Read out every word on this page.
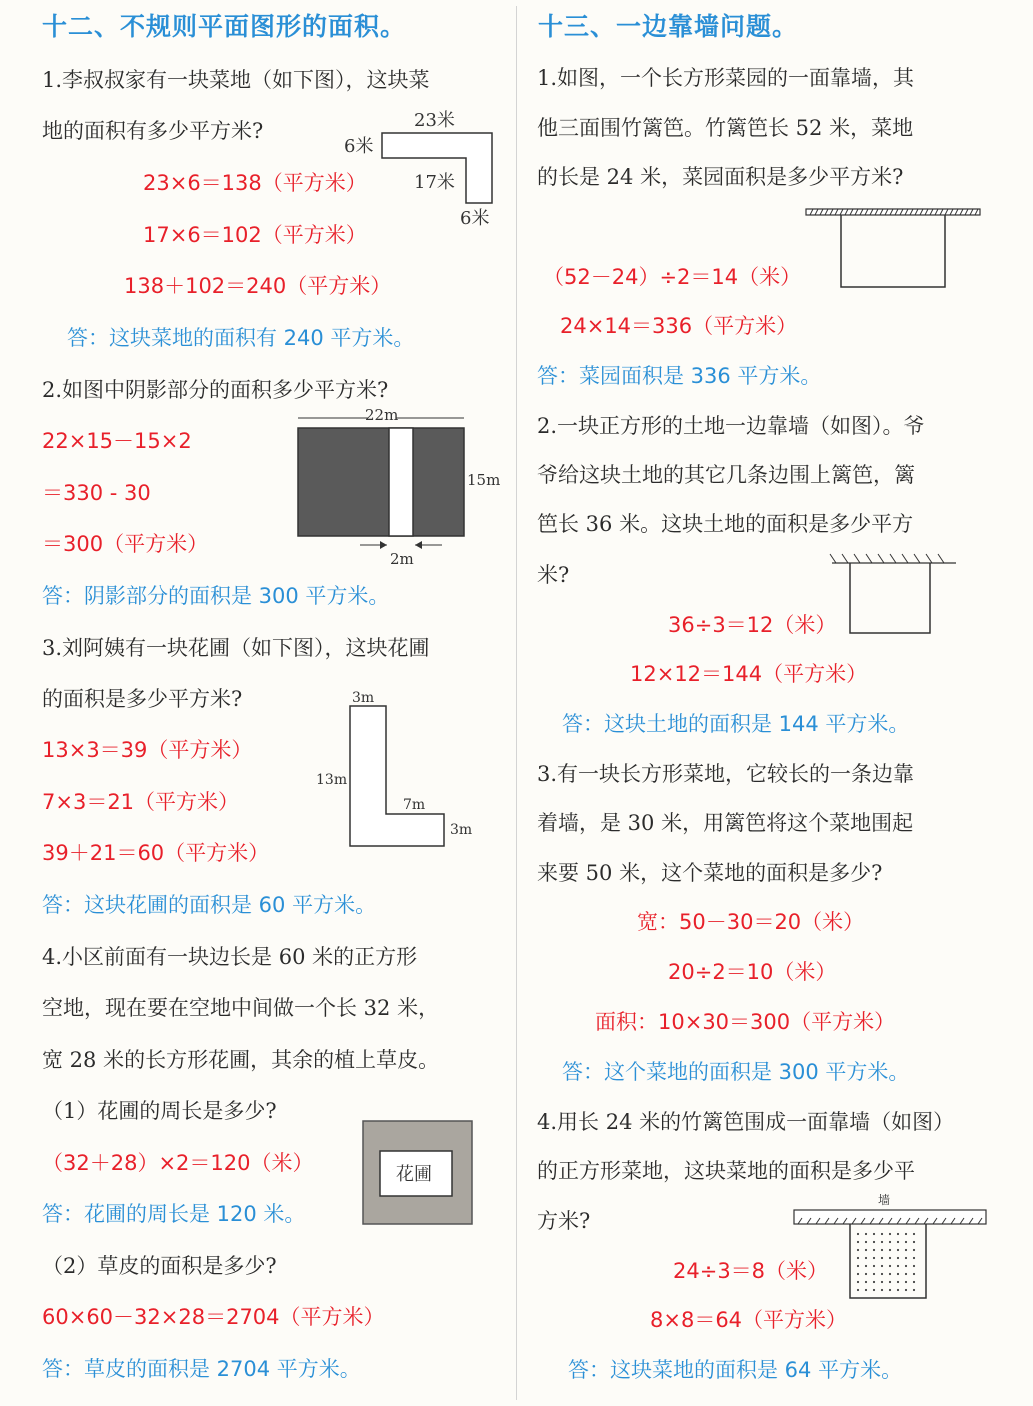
十二、不规则平面图形的面积。
1.李叔叔家有一块菜地（如下图），这块菜
地的面积有多少平方米?
23×6＝138（平方米）
17×6＝102（平方米）
138＋102＝240（平方米）
答：这块菜地的面积有 240 平方米。
23米
6米
17米
6米
2.如图中阴影部分的面积多少平方米?
22×15－15×2
＝330 - 30
＝300（平方米）
答：阴影部分的面积是 300 平方米。
22m
15m
2m
3.刘阿姨有一块花圃（如下图），这块花圃
的面积是多少平方米?
13×3＝39（平方米）
7×3＝21（平方米）
39＋21＝60（平方米）
答：这块花圃的面积是 60 平方米。
3m
13m
7m
3m
4.小区前面有一块边长是 60 米的正方形
空地，现在要在空地中间做一个长 32 米，
宽 28 米的长方形花圃，其余的植上草皮。
（1）花圃的周长是多少?
（32＋28）×2＝120（米）
答：花圃的周长是 120 米。
（2）草皮的面积是多少?
60×60－32×28＝2704（平方米）
答：草皮的面积是 2704 平方米。
花圃
十三、一边靠墙问题。
1.如图，一个长方形菜园的一面靠墙，其
他三面围竹篱笆。竹篱笆长 52 米，菜地
的长是 24 米，菜园面积是多少平方米?
（52－24）÷2＝14（米）
24×14＝336（平方米）
答：菜园面积是 336 平方米。
2.一块正方形的土地一边靠墙（如图）。爷
爷给这块土地的其它几条边围上篱笆，篱
笆长 36 米。这块土地的面积是多少平方
米?
36÷3＝12（米）
12×12＝144（平方米）
答：这块土地的面积是 144 平方米。
3.有一块长方形菜地，它较长的一条边靠
着墙，是 30 米，用篱笆将这个菜地围起
来要 50 米，这个菜地的面积是多少?
宽：50－30＝20（米）
20÷2＝10（米）
面积：10×30＝300（平方米）
答：这个菜地的面积是 300 平方米。
4.用长 24 米的竹篱笆围成一面靠墙（如图）
的正方形菜地，这块菜地的面积是多少平
方米?
墙
24÷3＝8（米）
8×8＝64（平方米）
答：这块菜地的面积是 64 平方米。
